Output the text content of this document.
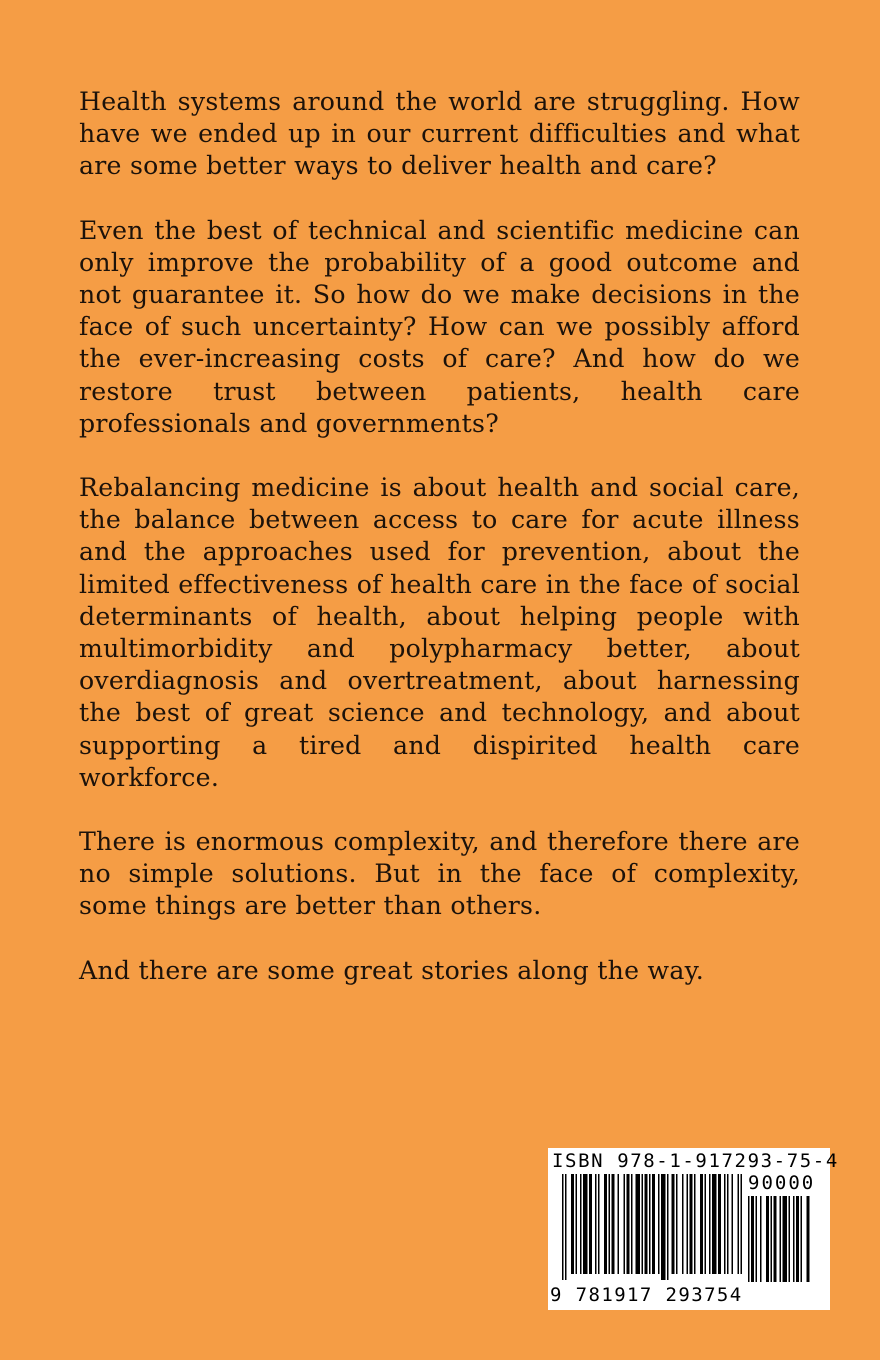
Health systems around the world are struggling. How have we ended up in our current difficulties and what are some better ways to deliver health and care?

Even the best of technical and scientific medicine can only improve the probability of a good outcome and not guarantee it. So how do we make decisions in the face of such uncertainty? How can we possibly afford the ever-increasing costs of care? And how do we restore trust between patients, health care professionals and governments?

Rebalancing medicine is about health and social care, the balance between access to care for acute illness and the approaches used for prevention, about the limited effectiveness of health care in the face of social determinants of health, about helping people with multimorbidity and polypharmacy better, about overdiagnosis and overtreatment, about harnessing the best of great science and technology, and about supporting a tired and dispirited health care workforce.

There is enormous complexity, and therefore there are no simple solutions. But in the face of complexity, some things are better than others.

And there are some great stories along the way.

ISBN 978-1-917293-75-4
90000
9 781917 293754
